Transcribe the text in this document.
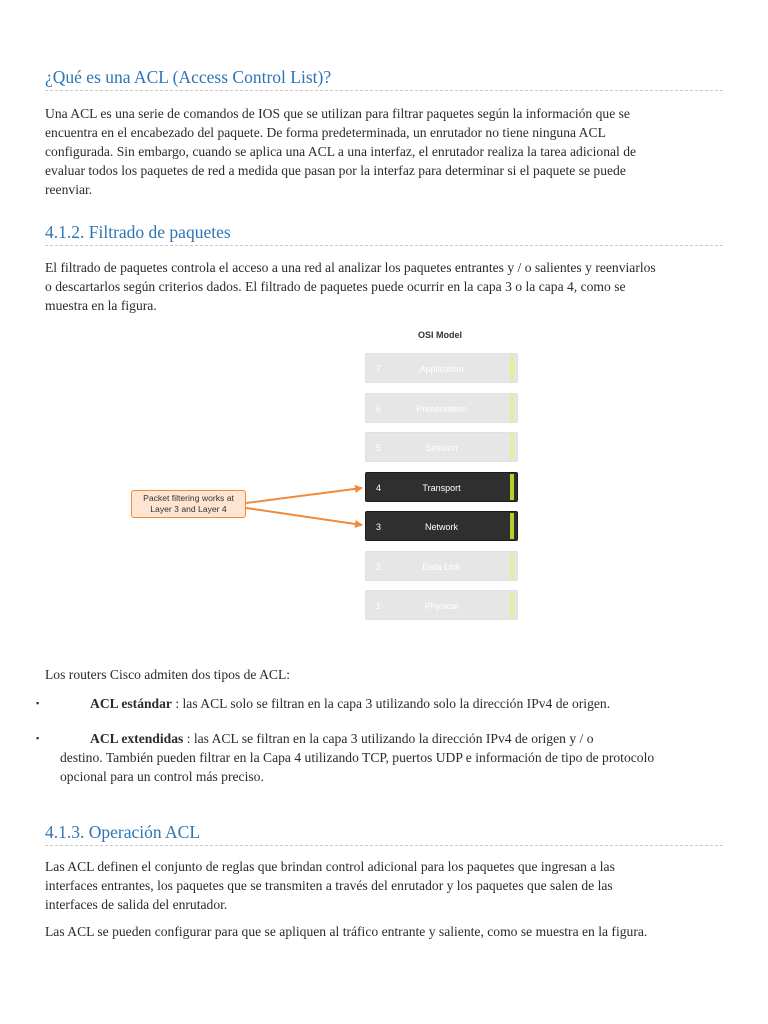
¿Qué es una ACL (Access Control List)?
Una ACL es una serie de comandos de IOS que se utilizan para filtrar paquetes según la información que se
encuentra en el encabezado del paquete. De forma predeterminada, un enrutador no tiene ninguna ACL
configurada. Sin embargo, cuando se aplica una ACL a una interfaz, el enrutador realiza la tarea adicional de
evaluar todos los paquetes de red a medida que pasan por la interfaz para determinar si el paquete se puede
reenviar.
4.1.2. Filtrado de paquetes
El filtrado de paquetes controla el acceso a una red al analizar los paquetes entrantes y / o salientes y reenviarlos
o descartarlos según criterios dados. El filtrado de paquetes puede ocurrir en la capa 3 o la capa 4, como se
muestra en la figura.
OSI Model
7	Application
6	Presentation
5	Session
4	Transport
3	Network
2	Data Link
1	Physical
Packet filtering works at
Layer 3 and Layer 4
Los routers Cisco admiten dos tipos de ACL:
▪	ACL estándar : las ACL solo se filtran en la capa 3 utilizando solo la dirección IPv4 de origen.
▪	ACL extendidas : las ACL se filtran en la capa 3 utilizando la dirección IPv4 de origen y / o
destino. También pueden filtrar en la Capa 4 utilizando TCP, puertos UDP e información de tipo de protocolo
opcional para un control más preciso.
4.1.3. Operación ACL
Las ACL definen el conjunto de reglas que brindan control adicional para los paquetes que ingresan a las
interfaces entrantes, los paquetes que se transmiten a través del enrutador y los paquetes que salen de las
interfaces de salida del enrutador.
Las ACL se pueden configurar para que se apliquen al tráfico entrante y saliente, como se muestra en la figura.
